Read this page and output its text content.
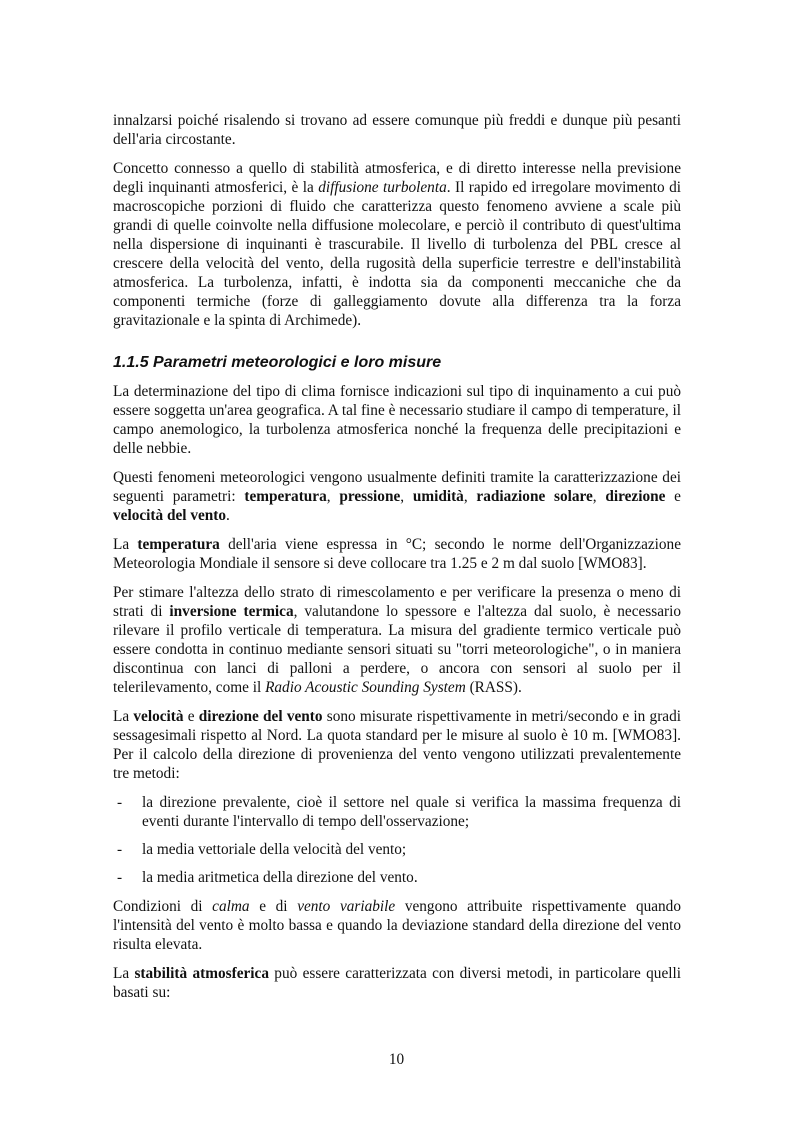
innalzarsi poiché risalendo si trovano ad essere comunque più freddi e dunque più pesanti dell'aria circostante.

Concetto connesso a quello di stabilità atmosferica, e di diretto interesse nella previsione degli inquinanti atmosferici, è la diffusione turbolenta. Il rapido ed irregolare movimento di macroscopiche porzioni di fluido che caratterizza questo fenomeno avviene a scale più grandi di quelle coinvolte nella diffusione molecolare, e perciò il contributo di quest'ultima nella dispersione di inquinanti è trascurabile. Il livello di turbolenza del PBL cresce al crescere della velocità del vento, della rugosità della superficie terrestre e dell'instabilità atmosferica. La turbolenza, infatti, è indotta sia da componenti meccaniche che da componenti termiche (forze di galleggiamento dovute alla differenza tra la forza gravitazionale e la spinta di Archimede).

1.1.5 Parametri meteorologici e loro misure

La determinazione del tipo di clima fornisce indicazioni sul tipo di inquinamento a cui può essere soggetta un'area geografica. A tal fine è necessario studiare il campo di temperature, il campo anemologico, la turbolenza atmosferica nonché la frequenza delle precipitazioni e delle nebbie.

Questi fenomeni meteorologici vengono usualmente definiti tramite la caratterizzazione dei seguenti parametri: temperatura, pressione, umidità, radiazione solare, direzione e velocità del vento.

La temperatura dell'aria viene espressa in °C; secondo le norme dell'Organizzazione Meteorologia Mondiale il sensore si deve collocare tra 1.25 e 2 m dal suolo [WMO83].

Per stimare l'altezza dello strato di rimescolamento e per verificare la presenza o meno di strati di inversione termica, valutandone lo spessore e l'altezza dal suolo, è necessario rilevare il profilo verticale di temperatura. La misura del gradiente termico verticale può essere condotta in continuo mediante sensori situati su "torri meteorologiche", o in maniera discontinua con lanci di palloni a perdere, o ancora con sensori al suolo per il telerilevamento, come il Radio Acoustic Sounding System (RASS).

La velocità e direzione del vento sono misurate rispettivamente in metri/secondo e in gradi sessagesimali rispetto al Nord. La quota standard per le misure al suolo è 10 m. [WMO83]. Per il calcolo della direzione di provenienza del vento vengono utilizzati prevalentemente tre metodi:

- la direzione prevalente, cioè il settore nel quale si verifica la massima frequenza di eventi durante l'intervallo di tempo dell'osservazione;
- la media vettoriale della velocità del vento;
- la media aritmetica della direzione del vento.

Condizioni di calma e di vento variabile vengono attribuite rispettivamente quando l'intensità del vento è molto bassa e quando la deviazione standard della direzione del vento risulta elevata.

La stabilità atmosferica può essere caratterizzata con diversi metodi, in particolare quelli basati su:

10
